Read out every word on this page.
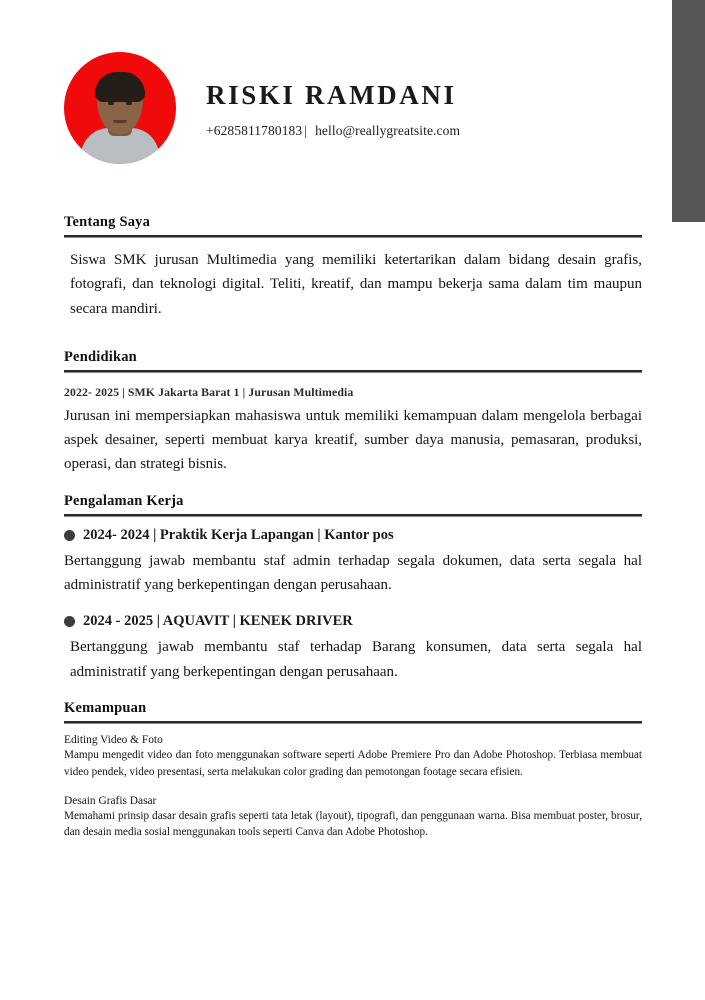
RISKI RAMDANI
+6285811780183 | hello@reallygreatsite.com
Tentang Saya

Siswa SMK jurusan Multimedia yang memiliki ketertarikan dalam bidang desain grafis, fotografi, dan teknologi digital. Teliti, kreatif, dan mampu bekerja sama dalam tim maupun secara mandiri.

Pendidikan

2022- 2025 | SMK Jakarta Barat 1 | Jurusan Multimedia

Jurusan ini mempersiapkan mahasiswa untuk memiliki kemampuan dalam mengelola berbagai aspek desainer, seperti membuat karya kreatif, sumber daya manusia, pemasaran, produksi, operasi, dan strategi bisnis.

Pengalaman Kerja

2024- 2024 | Praktik Kerja Lapangan | Kantor pos

Bertanggung jawab membantu staf admin terhadap segala dokumen, data serta segala hal administratif yang berkepentingan dengan perusahaan.

2024 - 2025 | AQUAVIT | KENEK DRIVER

Bertanggung jawab membantu staf terhadap Barang konsumen, data serta segala hal administratif yang berkepentingan dengan perusahaan.

Kemampuan

Editing Video & Foto

Mampu mengedit video dan foto menggunakan software seperti Adobe Premiere Pro dan Adobe Photoshop. Terbiasa membuat video pendek, video presentasi, serta melakukan color grading dan pemotongan footage secara efisien.

Desain Grafis Dasar

Memahami prinsip dasar desain grafis seperti tata letak (layout), tipografi, dan penggunaan warna. Bisa membuat poster, brosur, dan desain media sosial menggunakan tools seperti Canva dan Adobe Photoshop.
